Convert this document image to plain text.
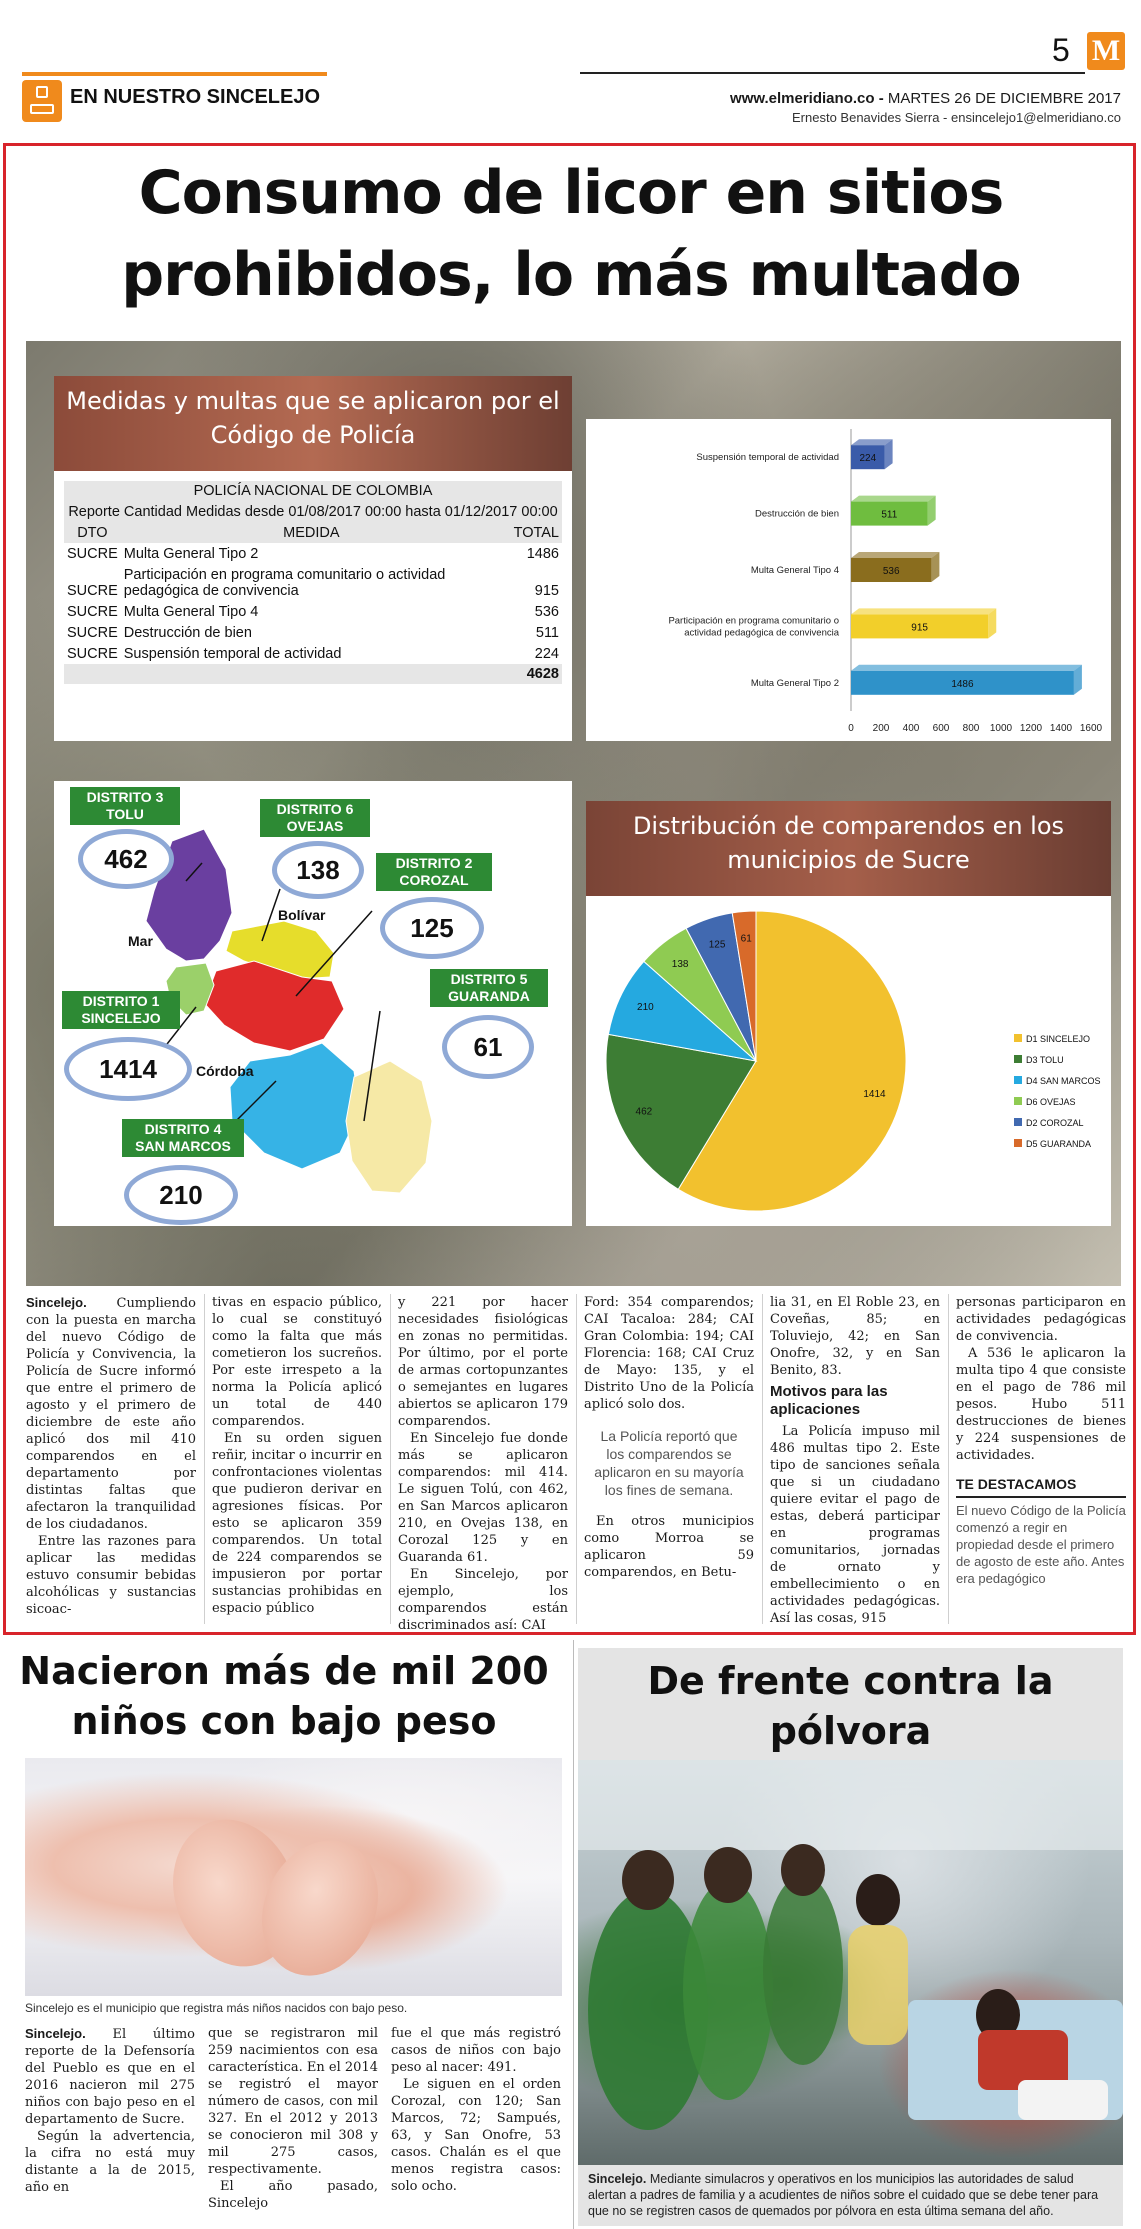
EN NUESTRO SINCELEJO
5 M
www.elmeridiano.co - MARTES 26 DE DICIEMBRE 2017
Ernesto Benavides Sierra - ensincelejo1@elmeridiano.co
Consumo de licor en sitios prohibidos, lo más multado
Medidas y multas que se aplicaron por el Código de Policía
POLICÍA NACIONAL DE COLOMBIA		
Reporte Cantidad Medidas desde 01/08/2017 00:00 hasta 01/12/2017 00:00		
DTO	MEDIDA	TOTAL
SUCRE	Multa General Tipo 2	1486
SUCRE	Participación en programa comunitario o actividad pedagógica de convivencia	915
SUCRE	Multa General Tipo 4	536
SUCRE	Destrucción de bien	511
SUCRE	Suspensión temporal de actividad	224
		4628
224
Suspensión temporal de actividad
511
Destrucción de bien
536
Multa General Tipo 4
915
Participación en programa comunitario o actividad pedagógica de convivencia
1486
Multa General Tipo 2
0 200 400 600 800 1000 1200 1400 1600
DISTRITO 3
TOLU
462
DISTRITO 6
OVEJAS
138	DISTRITO 2
COROZAL
125
DISTRITO 5
GUARANDA
61
DISTRITO 1
SINCELEJO
1414
DISTRITO 4
SAN MARCOS
210
Bolívar
Mar
Córdoba
Distribución de comparendos en los municipios de Sucre
1414
462
210
138
125
61
D1 SINCELEJO
D3 TOLU
D4 SAN MARCOS
D6 OVEJAS
D2 COROZAL
D5 GUARANDA

Sincelejo. Cumpliendo con la puesta en marcha del nuevo Código de Policía y Convivencia, la Policía de Sucre informó que entre el primero de agosto y el primero de diciembre de este año aplicó dos mil 410 comparendos en el departamento por distintas faltas que afectaron la tranquilidad de los ciudadanos.

Entre las razones para aplicar las medidas estuvo consumir bebidas alcohólicas y sustancias sicoac-

tivas en espacio público, lo cual se constituyó como la falta que más cometieron los sucreños. Por este irrespeto a la norma la Policía aplicó un total de 440 comparendos.

En su orden siguen reñir, incitar o incurrir en confrontaciones violentas que pudieron derivar en agresiones físicas. Por esto se aplicaron 359 comparendos. Un total de 224 comparendos se impusieron por portar sustancias prohibidas en espacio público

y 221 por hacer necesidades fisiológicas en zonas no permitidas. Por último, por el porte de armas cortopunzantes o semejantes en lugares abiertos se aplicaron 179 comparendos.

En Sincelejo fue donde más se aplicaron comparendos: mil 414. Le siguen Tolú, con 462, en San Marcos aplicaron 210, en Ovejas 138, en Corozal 125 y en Guaranda 61.

En Sincelejo, por ejemplo, los comparendos están discriminados así: CAI

Ford: 354 comparendos; CAI Tacaloa: 284; CAI Gran Colombia: 194; CAI Florencia: 168; CAI Cruz de Mayo: 135, y el Distrito Uno de la Policía aplicó solo dos.

La Policía reportó que los comparendos se aplicaron en su mayoría los fines de semana.

En otros municipios como Morroa se aplicaron 59 comparendos, en Betu-

lia 31, en El Roble 23, en Coveñas, 85; en Toluviejo, 42; en San Onofre, 32, y en San Benito, 83.

Motivos para las aplicaciones

La Policía impuso mil 486 multas tipo 2. Este tipo de sanciones señala que si un ciudadano quiere evitar el pago de estas, deberá participar en programas comunitarios, jornadas de ornato y embellecimiento o en actividades pedagógicas. Así las cosas, 915

personas participaron en actividades pedagógicas de convivencia.

A 536 le aplicaron la multa tipo 4 que consiste en el pago de 786 mil pesos. Hubo 511 destrucciones de bienes y 224 suspensiones de actividades.

TE DESTACAMOS
El nuevo Código de la Policía comenzó a regir en propiedad desde el primero de agosto de este año. Antes era pedagógico
Nacieron más de mil 200 niños con bajo peso
Sincelejo es el municipio que registra más niños nacidos con bajo peso.

Sincelejo. El último reporte de la Defensoría del Pueblo es que en el 2016 nacieron mil 275 niños con bajo peso en el departamento de Sucre.

Según la advertencia, la cifra no está muy distante a la de 2015, año en

que se registraron mil 259 nacimientos con esa característica. En el 2014 se registró el mayor número de casos, con mil 327. En el 2012 y 2013 se conocieron mil 308 y mil 275 casos, respectivamente.

El año pasado, Sincelejo

fue el que más registró casos de niños con bajo peso al nacer: 491.

Le siguen en el orden Corozal, con 120; San Marcos, 72; Sampués, 63, y San Onofre, 53 casos. Chalán es el que menos registra casos: solo ocho.

De frente contra la pólvora
Sincelejo. Mediante simulacros y operativos en los municipios las autoridades de salud alertan a padres de familia y a acudientes de niños sobre el cuidado que se debe tener para que no se registren casos de quemados por pólvora en esta última semana del año.
